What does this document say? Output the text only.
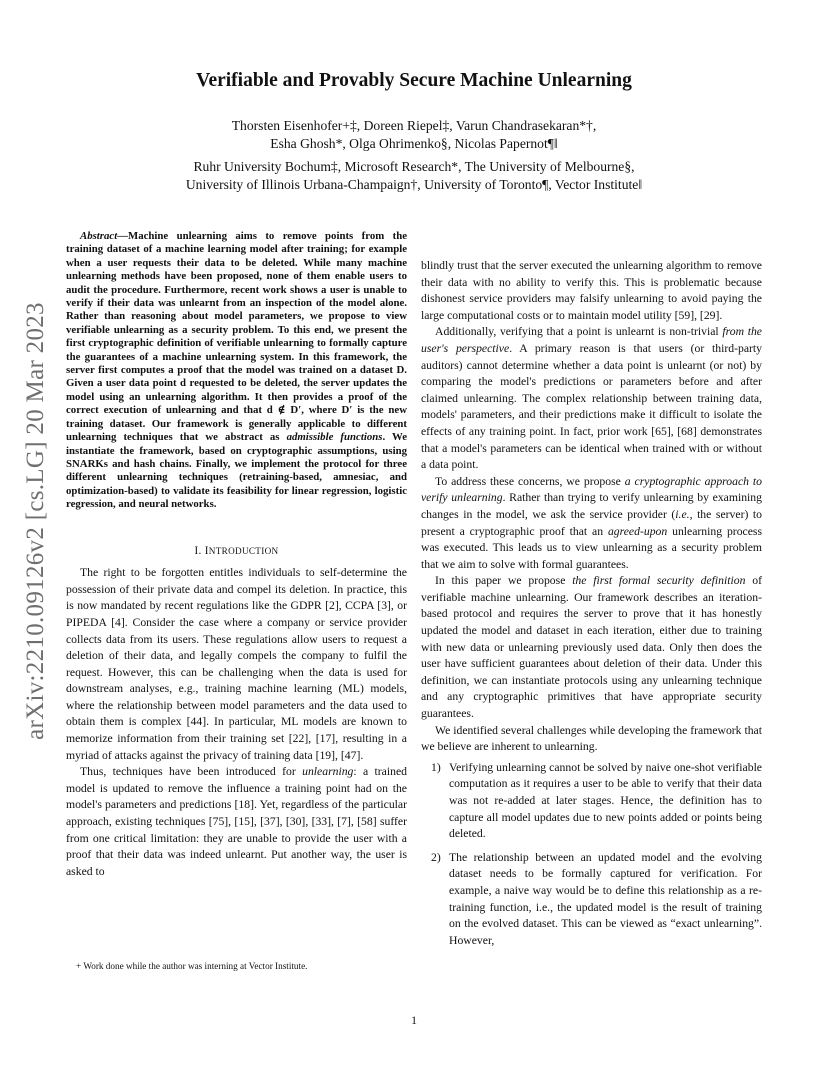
arXiv:2210.09126v2 [cs.LG] 20 Mar 2023
Verifiable and Provably Secure Machine Unlearning
Thorsten Eisenhofer+‡, Doreen Riepel‡, Varun Chandrasekaran*†,
Esha Ghosh*, Olga Ohrimenko§, Nicolas Papernot¶‖
Ruhr University Bochum‡, Microsoft Research*, The University of Melbourne§,
University of Illinois Urbana-Champaign†, University of Toronto¶, Vector Institute‖

Abstract—Machine unlearning aims to remove points from the training dataset of a machine learning model after training; for example when a user requests their data to be deleted. While many machine unlearning methods have been proposed, none of them enable users to audit the procedure. Furthermore, recent work shows a user is unable to verify if their data was unlearnt from an inspection of the model alone. Rather than reasoning about model parameters, we propose to view verifiable unlearning as a security problem. To this end, we present the first cryptographic definition of verifiable unlearning to formally capture the guarantees of a machine unlearning system. In this framework, the server first computes a proof that the model was trained on a dataset D. Given a user data point d requested to be deleted, the server updates the model using an unlearning algorithm. It then provides a proof of the correct execution of unlearning and that d ∉ D′, where D′ is the new training dataset. Our framework is generally applicable to different unlearning techniques that we abstract as admissible functions. We instantiate the framework, based on cryptographic assumptions, using SNARKs and hash chains. Finally, we implement the protocol for three different unlearning techniques (retraining-based, amnesiac, and optimization-based) to validate its feasibility for linear regression, logistic regression, and neural networks.

I. INTRODUCTION

The right to be forgotten entitles individuals to self-determine the possession of their private data and compel its deletion. In practice, this is now mandated by recent regulations like the GDPR [2], CCPA [3], or PIPEDA [4]. Consider the case where a company or service provider collects data from its users. These regulations allow users to request a deletion of their data, and legally compels the company to fulfil the request. However, this can be challenging when the data is used for downstream analyses, e.g., training machine learning (ML) models, where the relationship between model parameters and the data used to obtain them is complex [44]. In particular, ML models are known to memorize information from their training set [22], [17], resulting in a myriad of attacks against the privacy of training data [19], [47].

Thus, techniques have been introduced for unlearning: a trained model is updated to remove the influence a training point had on the model's parameters and predictions [18]. Yet, regardless of the particular approach, existing techniques [75], [15], [37], [30], [33], [7], [58] suffer from one critical limitation: they are unable to provide the user with a proof that their data was indeed unlearnt. Put another way, the user is asked to

+ Work done while the author was interning at Vector Institute.

blindly trust that the server executed the unlearning algorithm to remove their data with no ability to verify this. This is problematic because dishonest service providers may falsify unlearning to avoid paying the large computational costs or to maintain model utility [59], [29].

Additionally, verifying that a point is unlearnt is non-trivial from the user's perspective. A primary reason is that users (or third-party auditors) cannot determine whether a data point is unlearnt (or not) by comparing the model's predictions or parameters before and after claimed unlearning. The complex relationship between training data, models' parameters, and their predictions make it difficult to isolate the effects of any training point. In fact, prior work [65], [68] demonstrates that a model's parameters can be identical when trained with or without a data point.

To address these concerns, we propose a cryptographic approach to verify unlearning. Rather than trying to verify unlearning by examining changes in the model, we ask the service provider (i.e., the server) to present a cryptographic proof that an agreed-upon unlearning process was executed. This leads us to view unlearning as a security problem that we aim to solve with formal guarantees.

In this paper we propose the first formal security definition of verifiable machine unlearning. Our framework describes an iteration-based protocol and requires the server to prove that it has honestly updated the model and dataset in each iteration, either due to training with new data or unlearning previously used data. Only then does the user have sufficient guarantees about deletion of their data. Under this definition, we can instantiate protocols using any unlearning technique and any cryptographic primitives that have appropriate security guarantees.

We identified several challenges while developing the framework that we believe are inherent to unlearning.

1) Verifying unlearning cannot be solved by naive one-shot verifiable computation as it requires a user to be able to verify that their data was not re-added at later stages. Hence, the definition has to capture all model updates due to new points added or points being deleted.
2) The relationship between an updated model and the evolving dataset needs to be formally captured for verification. For example, a naive way would be to define this relationship as a re-training function, i.e., the updated model is the result of training on the evolved dataset. This can be viewed as “exact unlearning”. However,
1
